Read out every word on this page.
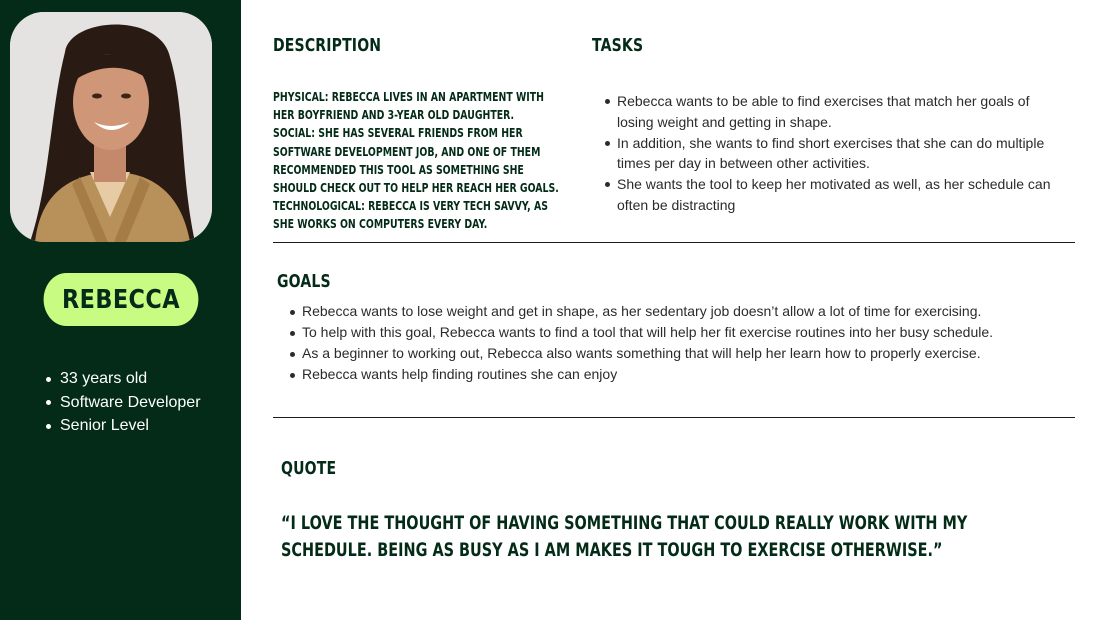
REBECCA
33 years old
Software Developer
Senior Level
DESCRIPTION
PHYSICAL: REBECCA LIVES IN AN APARTMENT WITH HER BOYFRIEND AND 3-YEAR OLD DAUGHTER.
SOCIAL: SHE HAS SEVERAL FRIENDS FROM HER SOFTWARE DEVELOPMENT JOB, AND ONE OF THEM RECOMMENDED THIS TOOL AS SOMETHING SHE SHOULD CHECK OUT TO HELP HER REACH HER GOALS.
TECHNOLOGICAL: REBECCA IS VERY TECH SAVVY, AS SHE WORKS ON COMPUTERS EVERY DAY.
TASKS
Rebecca wants to be able to find exercises that match her goals of losing weight and getting in shape.
In addition, she wants to find short exercises that she can do multiple times per day in between other activities.
She wants the tool to keep her motivated as well, as her schedule can often be distracting
GOALS
Rebecca wants to lose weight and get in shape, as her sedentary job doesn’t allow a lot of time for exercising.
To help with this goal, Rebecca wants to find a tool that will help her fit exercise routines into her busy schedule.
As a beginner to working out, Rebecca also wants something that will help her learn how to properly exercise.
Rebecca wants help finding routines she can enjoy
QUOTE
“I LOVE THE THOUGHT OF HAVING SOMETHING THAT COULD REALLY WORK WITH MY SCHEDULE. BEING AS BUSY AS I AM MAKES IT TOUGH TO EXERCISE OTHERWISE.”
